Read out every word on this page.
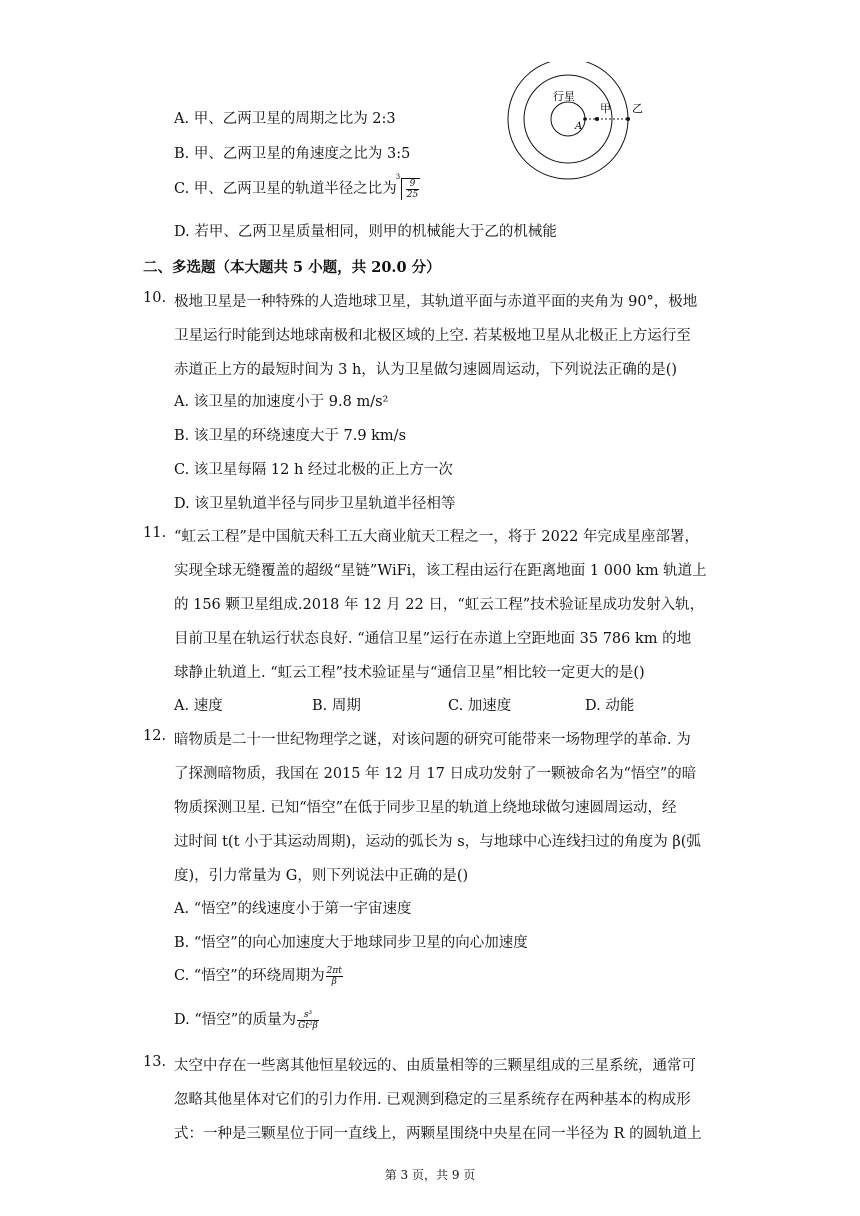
行星
A
甲 乙
A. 甲、乙两卫星的周期之比为 2:3
B. 甲、乙两卫星的角速度之比为 3:5
C. 甲、乙两卫星的轨道半径之比为
3
$\frac{9}{25}$
D. 若甲、乙两卫星质量相同，则甲的机械能大于乙的机械能
二、多选题（本大题共 5 小题，共 20.0 分）
10. 极地卫星是一种特殊的人造地球卫星，其轨道平面与赤道平面的夹角为 90°，极地
卫星运行时能到达地球南极和北极区域的上空. 若某极地卫星从北极正上方运行至
赤道正上方的最短时间为 3 h，认为卫星做匀速圆周运动，下列说法正确的是()
A. 该卫星的加速度小于 9.8 m/s²
B. 该卫星的环绕速度大于 7.9 km/s
C. 该卫星每隔 12 h 经过北极的正上方一次
D. 该卫星轨道半径与同步卫星轨道半径相等
11. “虹云工程”是中国航天科工五大商业航天工程之一，将于 2022 年完成星座部署，
实现全球无缝覆盖的超级“星链”WiFi，该工程由运行在距离地面 1 000 km 轨道上
的 156 颗卫星组成.2018 年 12 月 22 日，“虹云工程”技术验证星成功发射入轨，
目前卫星在轨运行状态良好. “通信卫星”运行在赤道上空距地面 35 786 km 的地
球静止轨道上. “虹云工程”技术验证星与“通信卫星”相比较一定更大的是()
A. 速度	B. 周期	C. 加速度	D. 动能
12. 暗物质是二十一世纪物理学之谜，对该问题的研究可能带来一场物理学的革命. 为
了探测暗物质，我国在 2015 年 12 月 17 日成功发射了一颗被命名为“悟空”的暗
物质探测卫星. 已知“悟空”在低于同步卫星的轨道上绕地球做匀速圆周运动，经
过时间 t(t 小于其运动周期)，运动的弧长为 s，与地球中心连线扫过的角度为 β(弧
度)，引力常量为 G，则下列说法中正确的是()
A. “悟空”的线速度小于第一宇宙速度
B. “悟空”的向心加速度大于地球同步卫星的向心加速度
C. “悟空”的环绕周期为 $\frac{2\pi t}{\beta}$
D. “悟空”的质量为 $\frac{\text{s³}}{\text{Gt²β}}$
13. 太空中存在一些离其他恒星较远的、由质量相等的三颗星组成的三星系统，通常可
忽略其他星体对它们的引力作用. 已观测到稳定的三星系统存在两种基本的构成形
式：一种是三颗星位于同一直线上，两颗星围绕中央星在同一半径为 R 的圆轨道上
第 3 页，共 9 页
